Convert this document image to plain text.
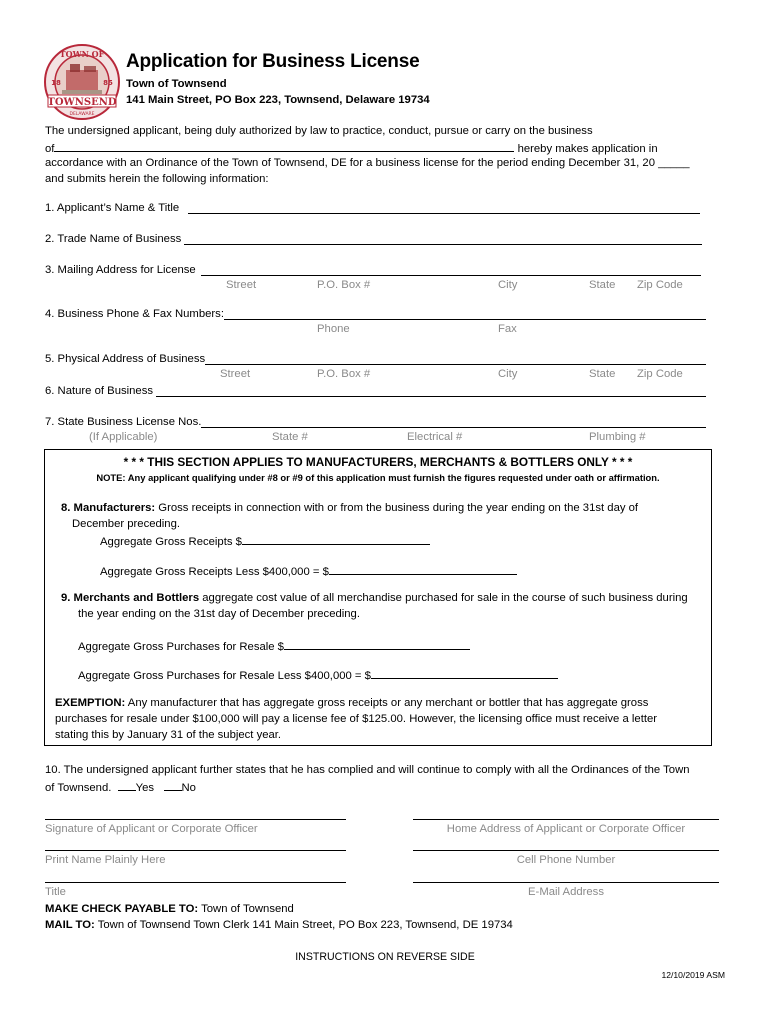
TOWN OF
18	85
TOWNSEND
DELAWARE
Application for Business License
Town of Townsend
141 Main Street, PO Box 223, Townsend, Delaware 19734
The undersigned applicant, being duly authorized by law to practice, conduct, pursue or carry on the business
of	hereby makes application in
accordance with an Ordinance of the Town of Townsend, DE for a business license for the period ending December 31, 20 _____
and submits herein the following information:
1. Applicant’s Name & Title
2. Trade Name of Business
3. Mailing Address for License
Street	P.O. Box #	City	State Zip Code
4. Business Phone & Fax Numbers:
Phone	Fax
5. Physical Address of Business
Street	P.O. Box #	City	State Zip Code
6. Nature of Business
7. State Business License Nos.
(If Applicable)	State #	Electrical #	Plumbing #
* * * THIS SECTION APPLIES TO MANUFACTURERS, MERCHANTS & BOTTLERS ONLY * * *
NOTE: Any applicant qualifying under #8 or #9 of this application must furnish the figures requested under oath or affirmation.
8. Manufacturers: Gross receipts in connection with or from the business during the year ending on the 31st day of
December preceding.
Aggregate Gross Receipts $
Aggregate Gross Receipts Less $400,000 = $
9. Merchants and Bottlers aggregate cost value of all merchandise purchased for sale in the course of such business during
the year ending on the 31st day of December preceding.
Aggregate Gross Purchases for Resale $
Aggregate Gross Purchases for Resale Less $400,000 = $
EXEMPTION: Any manufacturer that has aggregate gross receipts or any merchant or bottler that has aggregate gross
purchases for resale under $100,000 will pay a license fee of $125.00. However, the licensing office must receive a letter
stating this by January 31 of the subject year.
10. The undersigned applicant further states that he has complied and will continue to comply with all the Ordinances of the Town
of Townsend. Yes No
Signature of Applicant or Corporate Officer	Home Address of Applicant or Corporate Officer
Print Name Plainly Here	Cell Phone Number
Title	E-Mail Address
MAKE CHECK PAYABLE TO: Town of Townsend
MAIL TO: Town of Townsend Town Clerk 141 Main Street, PO Box 223, Townsend, DE 19734
INSTRUCTIONS ON REVERSE SIDE
12/10/2019 ASM
